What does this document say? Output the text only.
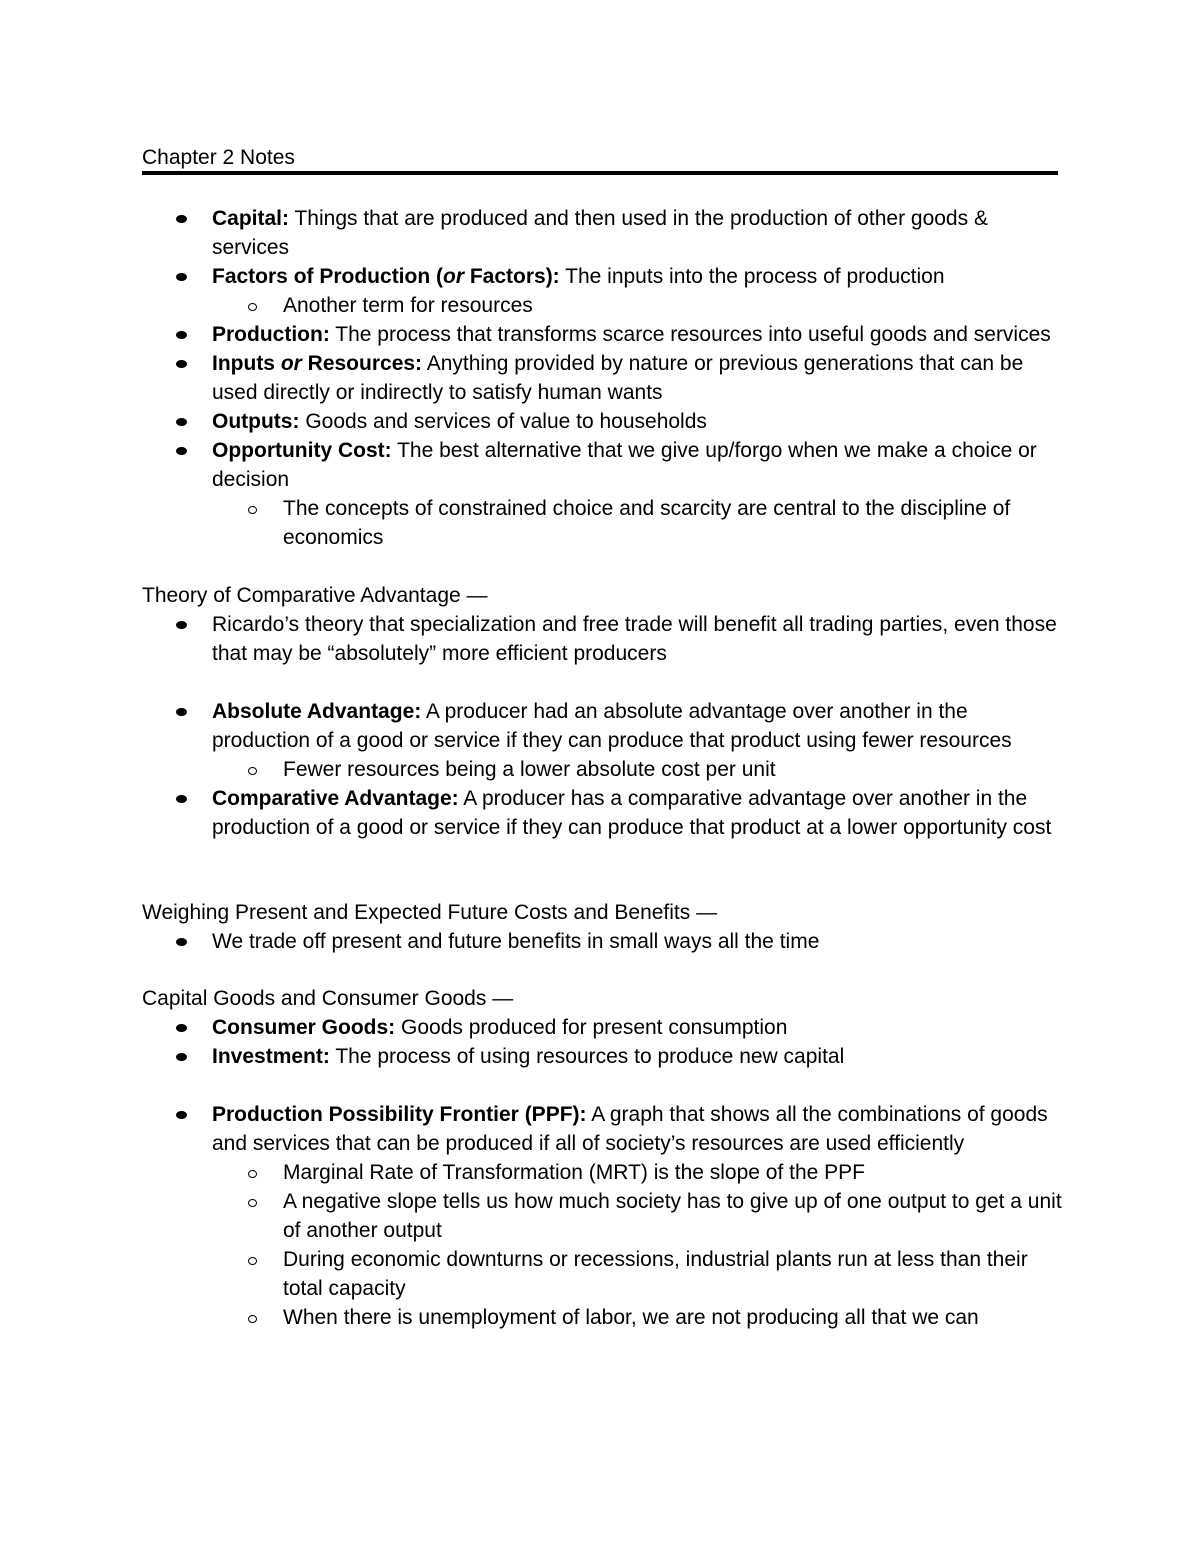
Chapter 2 Notes
Capital: Things that are produced and then used in the production of other goods & services
Factors of Production (or Factors): The inputs into the process of production
Another term for resources
Production: The process that transforms scarce resources into useful goods and services
Inputs or Resources: Anything provided by nature or previous generations that can be used directly or indirectly to satisfy human wants
Outputs: Goods and services of value to households
Opportunity Cost: The best alternative that we give up/forgo when we make a choice or decision
The concepts of constrained choice and scarcity are central to the discipline of economics

Theory of Comparative Advantage —

Ricardo’s theory that specialization and free trade will benefit all trading parties, even those that may be “absolutely” more efficient producers
Absolute Advantage: A producer had an absolute advantage over another in the production of a good or service if they can produce that product using fewer resources
Fewer resources being a lower absolute cost per unit
Comparative Advantage: A producer has a comparative advantage over another in the production of a good or service if they can produce that product at a lower opportunity cost

Weighing Present and Expected Future Costs and Benefits —

We trade off present and future benefits in small ways all the time

Capital Goods and Consumer Goods —

Consumer Goods: Goods produced for present consumption
Investment: The process of using resources to produce new capital
Production Possibility Frontier (PPF): A graph that shows all the combinations of goods and services that can be produced if all of society’s resources are used efficiently
Marginal Rate of Transformation (MRT) is the slope of the PPF
A negative slope tells us how much society has to give up of one output to get a unit of another output
During economic downturns or recessions, industrial plants run at less than their total capacity
When there is unemployment of labor, we are not producing all that we can
